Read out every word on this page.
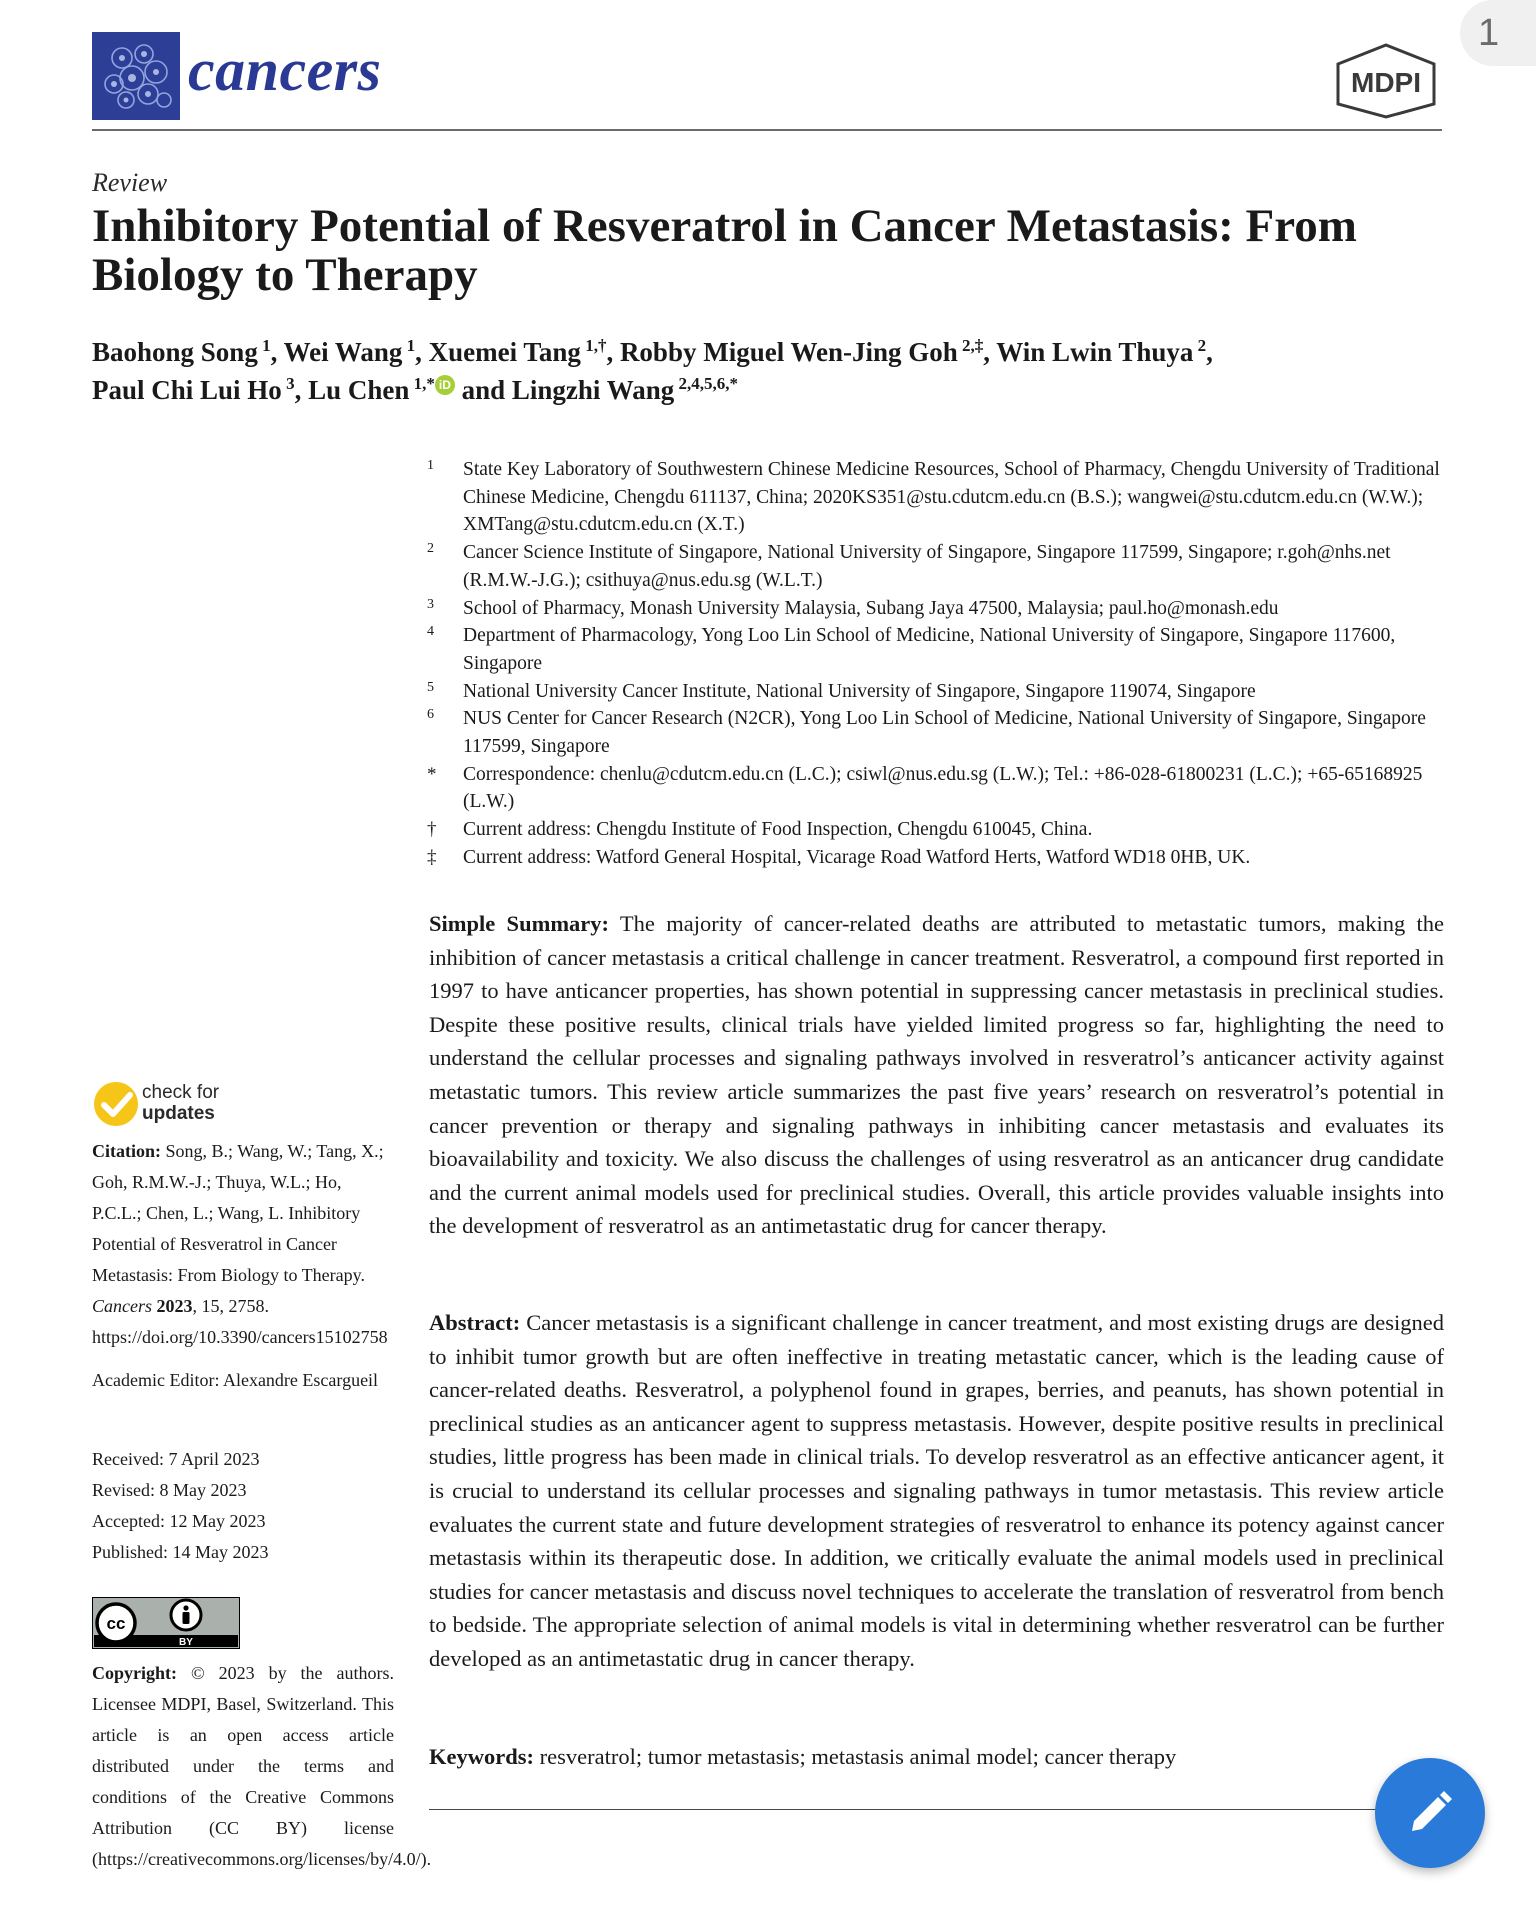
1
cancers	MDPI
Review
Inhibitory Potential of Resveratrol in Cancer Metastasis: From Biology to Therapy
Baohong Song $^1$, Wei Wang $^1$, Xuemei Tang $^{1,\dagger}$, Robby Miguel Wen-Jing Goh $^{2,\ddagger}$, Win Lwin Thuya $^2$,
Paul Chi Lui Ho $^3$, Lu Chen $^{1,*}$ iD and Lingzhi Wang $^{2,4,5,6,*}$
1 State Key Laboratory of Southwestern Chinese Medicine Resources, School of Pharmacy, Chengdu University of Traditional Chinese Medicine, Chengdu 611137, China; 2020KS351@stu.cdutcm.edu.cn (B.S.); wangwei@stu.cdutcm.edu.cn (W.W.); XMTang@stu.cdutcm.edu.cn (X.T.)
2 Cancer Science Institute of Singapore, National University of Singapore, Singapore 117599, Singapore; r.goh@nhs.net (R.M.W.-J.G.); csithuya@nus.edu.sg (W.L.T.)
3 School of Pharmacy, Monash University Malaysia, Subang Jaya 47500, Malaysia; paul.ho@monash.edu
4 Department of Pharmacology, Yong Loo Lin School of Medicine, National University of Singapore, Singapore 117600, Singapore
5 National University Cancer Institute, National University of Singapore, Singapore 119074, Singapore
6 NUS Center for Cancer Research (N2CR), Yong Loo Lin School of Medicine, National University of Singapore, Singapore 117599, Singapore
* Correspondence: chenlu@cdutcm.edu.cn (L.C.); csiwl@nus.edu.sg (L.W.); Tel.: +86-028-61800231 (L.C.); +65-65168925 (L.W.)
† Current address: Chengdu Institute of Food Inspection, Chengdu 610045, China.
‡ Current address: Watford General Hospital, Vicarage Road Watford Herts, Watford WD18 0HB, UK.
Simple Summary: The majority of cancer-related deaths are attributed to metastatic tumors, making the inhibition of cancer metastasis a critical challenge in cancer treatment. Resveratrol, a compound first reported in 1997 to have anticancer properties, has shown potential in suppressing cancer metastasis in preclinical studies. Despite these positive results, clinical trials have yielded limited progress so far, highlighting the need to understand the cellular processes and signaling pathways involved in resveratrol’s anticancer activity against metastatic tumors. This review article summarizes the past five years’ research on resveratrol’s potential in cancer prevention or therapy and signaling pathways in inhibiting cancer metastasis and evaluates its bioavailability and toxicity. We also discuss the challenges of using resveratrol as an anticancer drug candidate and the current animal models used for preclinical studies. Overall, this article provides valuable insights into the development of resveratrol as an antimetastatic drug for cancer therapy.
Abstract: Cancer metastasis is a significant challenge in cancer treatment, and most existing drugs are designed to inhibit tumor growth but are often ineffective in treating metastatic cancer, which is the leading cause of cancer-related deaths. Resveratrol, a polyphenol found in grapes, berries, and peanuts, has shown potential in preclinical studies as an anticancer agent to suppress metastasis. However, despite positive results in preclinical studies, little progress has been made in clinical trials. To develop resveratrol as an effective anticancer agent, it is crucial to understand its cellular processes and signaling pathways in tumor metastasis. This review article evaluates the current state and future development strategies of resveratrol to enhance its potency against cancer metastasis within its therapeutic dose. In addition, we critically evaluate the animal models used in preclinical studies for cancer metastasis and discuss novel techniques to accelerate the translation of resveratrol from bench to bedside. The appropriate selection of animal models is vital in determining whether resveratrol can be further developed as an antimetastatic drug in cancer therapy.
Keywords: resveratrol; tumor metastasis; metastasis animal model; cancer therapy
check for
updates
Citation: Song, B.; Wang, W.; Tang, X.; Goh, R.M.W.-J.; Thuya, W.L.; Ho, P.C.L.; Chen, L.; Wang, L. Inhibitory Potential of Resveratrol in Cancer Metastasis: From Biology to Therapy. Cancers 2023, 15, 2758. https://doi.org/10.3390/cancers15102758
Academic Editor: Alexandre Escargueil
Received: 7 April 2023
Revised: 8 May 2023
Accepted: 12 May 2023
Published: 14 May 2023
cc
BY
Copyright: © 2023 by the authors. Licensee MDPI, Basel, Switzerland. This article is an open access article distributed under the terms and conditions of the Creative Commons Attribution (CC BY) license (https://creativecommons.org/licenses/by/4.0/).
